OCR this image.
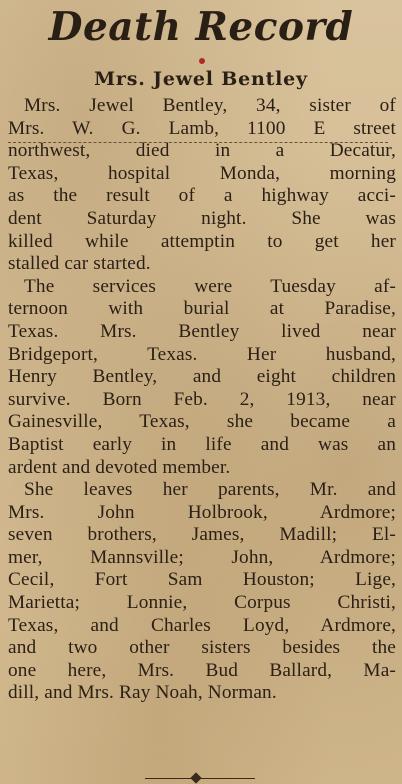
Death Record
Mrs. Jewel Bentley
Mrs. Jewel Bentley, 34, sister of
Mrs. W. G. Lamb, 1100 E street
northwest, died in a Decatur,
Texas, hospital Monda, morning
as the result of a highway acci-
dent Saturday night. She was
killed while attemptin to get her
stalled car started.
The services were Tuesday af-
ternoon with burial at Paradise,
Texas. Mrs. Bentley lived near
Bridgeport, Texas. Her husband,
Henry Bentley, and eight children
survive. Born Feb. 2, 1913, near
Gainesville, Texas, she became a
Baptist early in life and was an
ardent and devoted member.
She leaves her parents, Mr. and
Mrs. John Holbrook, Ardmore;
seven brothers, James, Madill; El-
mer, Mannsville; John, Ardmore;
Cecil, Fort Sam Houston; Lige,
Marietta; Lonnie, Corpus Christi,
Texas, and Charles Loyd, Ardmore,
and two other sisters besides the
one here, Mrs. Bud Ballard, Ma-
dill, and Mrs. Ray Noah, Norman.
